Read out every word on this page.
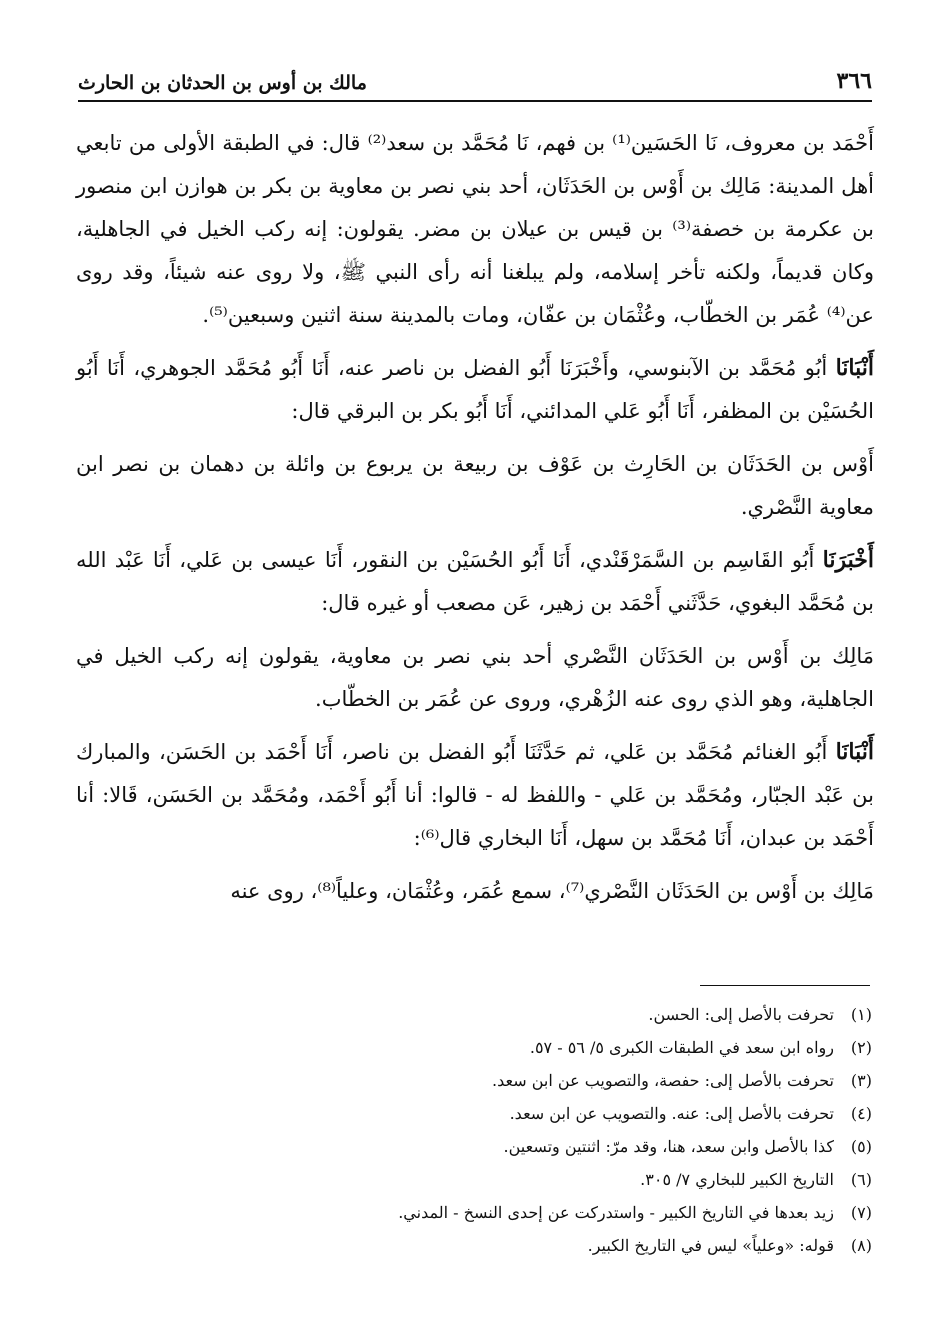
٣٦٦
مالك بن أوس بن الحدثان بن الحارث

أَحْمَد بن معروف، نَا الحَسَين⁽¹⁾ بن فهم، نَا مُحَمَّد بن سعد⁽²⁾ قال: في الطبقة الأولى من تابعي أهل المدينة: مَالِك بن أَوْس بن الحَدَثَان، أحد بني نصر بن معاوية بن بكر بن هوازن ابن منصور بن عكرمة بن خصفة⁽³⁾ بن قيس بن عيلان بن مضر. يقولون: إنه ركب الخيل في الجاهلية، وكان قديماً، ولكنه تأخر إسلامه، ولم يبلغنا أنه رأى النبي ﷺ، ولا روى عنه شيئاً، وقد روى عن⁽⁴⁾ عُمَر بن الخطّاب، وعُثْمَان بن عفّان، ومات بالمدينة سنة اثنين وسبعين⁽⁵⁾.

أَنْبَانَا أبُو مُحَمَّد بن الآبنوسي، وأَخْبَرَنَا أَبُو الفضل بن ناصر عنه، أَنَا أَبُو مُحَمَّد الجوهري، أَنَا أَبُو الحُسَيْن بن المظفر، أَنَا أَبُو عَلي المدائني، أَنَا أَبُو بكر بن البرقي قال:

أَوْس بن الحَدَثَان بن الحَارِث بن عَوْف بن ربيعة بن يربوع بن وائلة بن دهمان بن نصر ابن معاوية النَّصْري.

أَخْبَرَنَا أَبُو القَاسِم بن السَّمَرْقَنْدي، أَنَا أَبُو الحُسَيْن بن النقور، أَنَا عيسى بن عَلي، أَنَا عَبْد الله بن مُحَمَّد البغوي، حَدَّثَني أَحْمَد بن زهير، عَن مصعب أو غيره قال:

مَالِك بن أَوْس بن الحَدَثَان النَّصْري أحد بني نصر بن معاوية، يقولون إنه ركب الخيل في الجاهلية، وهو الذي روى عنه الزُهْري، وروى عن عُمَر بن الخطّاب.

أَنْبَانَا أَبُو الغنائم مُحَمَّد بن عَلي، ثم حَدَّثَنَا أَبُو الفضل بن ناصر، أَنَا أَحْمَد بن الحَسَن، والمبارك بن عَبْد الجبّار، ومُحَمَّد بن عَلي - واللفظ له - قالوا: أنا أَبُو أَحْمَد، ومُحَمَّد بن الحَسَن، قَالا: أنا أَحْمَد بن عبدان، أَنَا مُحَمَّد بن سهل، أَنَا البخاري قال⁽⁶⁾:

مَالِك بن أَوْس بن الحَدَثَان النَّصْري⁽⁷⁾، سمع عُمَر، وعُثْمَان، وعلياً⁽⁸⁾، روى عنه

(١)
تحرفت بالأصل إلى: الحسن.
(٢)
رواه ابن سعد في الطبقات الكبرى ٥/ ٥٦ - ٥٧.
(٣)
تحرفت بالأصل إلى: حفصة، والتصويب عن ابن سعد.
(٤)
تحرفت بالأصل إلى: عنه. والتصويب عن ابن سعد.
(٥)
كذا بالأصل وابن سعد، هنا، وقد مرّ: اثنتين وتسعين.
(٦)
التاريخ الكبير للبخاري ٧/ ٣٠٥.
(٧)
زيد بعدها في التاريخ الكبير - واستدركت عن إحدى النسخ - المدني.
(٨)
قوله: «وعلياً» ليس في التاريخ الكبير.
